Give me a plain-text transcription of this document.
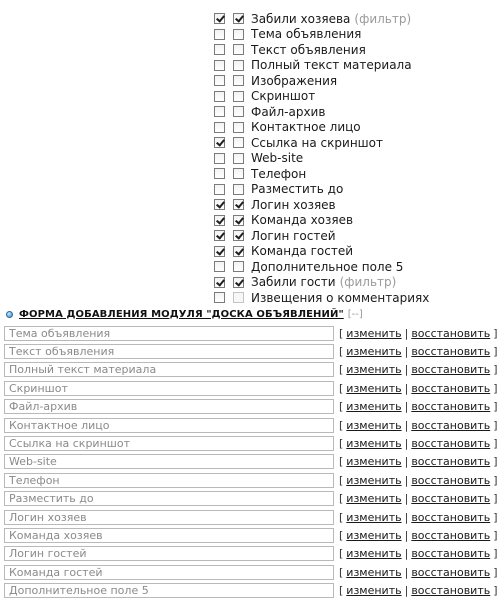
Забили хозяева (фильтр)
Тема объявления
Текст объявления
Полный текст материала
Изображения
Скриншот
Файл-архив
Контактное лицо
Ссылка на скриншот
Web-site
Телефон
Разместить до
Логин хозяев
Команда хозяев
Логин гостей
Команда гостей
Дополнительное поле 5
Забили гости (фильтр)
Извещения о комментариях
ФОРМА ДОБАВЛЕНИЯ МОДУЛЯ "ДОСКА ОБЪЯВЛЕНИЙ" [--]
Тема объявления
[ изменить | восстановить ]
Текст объявления
[ изменить | восстановить ]
Полный текст материала
[ изменить | восстановить ]
Скриншот
[ изменить | восстановить ]
Файл-архив
[ изменить | восстановить ]
Контактное лицо
[ изменить | восстановить ]
Ссылка на скриншот
[ изменить | восстановить ]
Web-site
[ изменить | восстановить ]
Телефон
[ изменить | восстановить ]
Разместить до
[ изменить | восстановить ]
Логин хозяев
[ изменить | восстановить ]
Команда хозяев
[ изменить | восстановить ]
Логин гостей
[ изменить | восстановить ]
Команда гостей
[ изменить | восстановить ]
Дополнительное поле 5
[ изменить | восстановить ]
